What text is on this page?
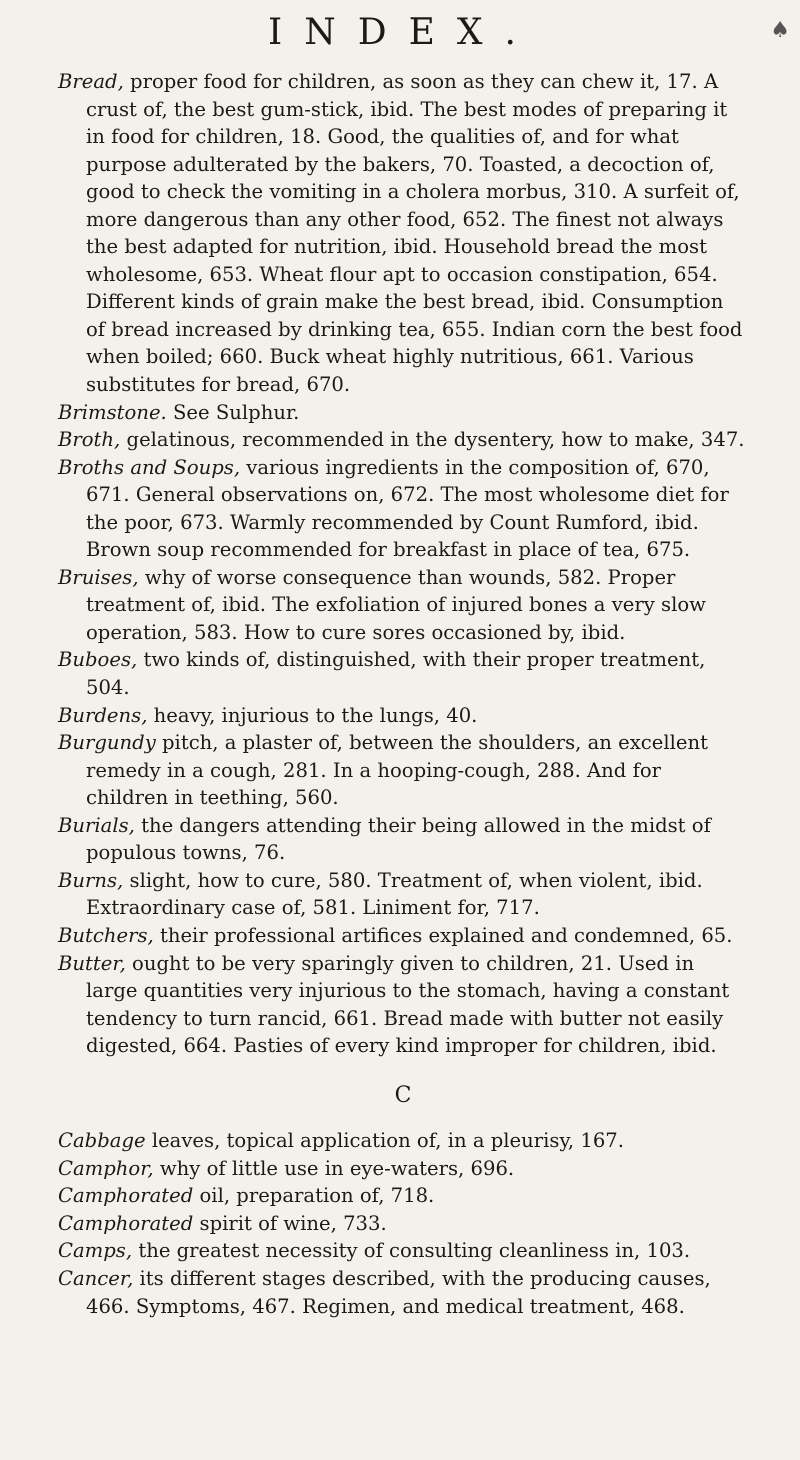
INDEX.	♠

Bread, proper food for children, as soon as they can chew it, 17. A crust of, the best gum-stick, ibid. The best modes of preparing it in food for children, 18. Good, the qualities of, and for what purpose adulterated by the bakers, 70. Toasted, a decoction of, good to check the vomiting in a cholera morbus, 310. A surfeit of, more dangerous than any other food, 652. The finest not always the best adapted for nutrition, ibid. Household bread the most wholesome, 653. Wheat flour apt to occasion constipation, 654. Different kinds of grain make the best bread, ibid. Consumption of bread increased by drinking tea, 655. Indian corn the best food when boiled; 660. Buck wheat highly nutritious, 661. Various substitutes for bread, 670.

Brimstone. See Sulphur.

Broth, gelatinous, recommended in the dysentery, how to make, 347.

Broths and Soups, various ingredients in the composition of, 670, 671. General observations on, 672. The most wholesome diet for the poor, 673. Warmly recommended by Count Rumford, ibid. Brown soup recommended for breakfast in place of tea, 675.

Bruises, why of worse consequence than wounds, 582. Proper treatment of, ibid. The exfoliation of injured bones a very slow operation, 583. How to cure sores occasioned by, ibid.

Buboes, two kinds of, distinguished, with their proper treatment, 504.

Burdens, heavy, injurious to the lungs, 40.

Burgundy pitch, a plaster of, between the shoulders, an excellent remedy in a cough, 281. In a hooping-cough, 288. And for children in teething, 560.

Burials, the dangers attending their being allowed in the midst of populous towns, 76.

Burns, slight, how to cure, 580. Treatment of, when violent, ibid. Extraordinary case of, 581. Liniment for, 717.

Butchers, their professional artifices explained and condemned, 65.

Butter, ought to be very sparingly given to children, 21. Used in large quantities very injurious to the stomach, having a constant tendency to turn rancid, 661. Bread made with butter not easily digested, 664. Pasties of every kind improper for children, ibid.

C

Cabbage leaves, topical application of, in a pleurisy, 167.

Camphor, why of little use in eye-waters, 696.

Camphorated oil, preparation of, 718.

Camphorated spirit of wine, 733.

Camps, the greatest necessity of consulting cleanliness in, 103.

Cancer, its different stages described, with the producing causes, 466. Symptoms, 467. Regimen, and medical treatment, 468.
